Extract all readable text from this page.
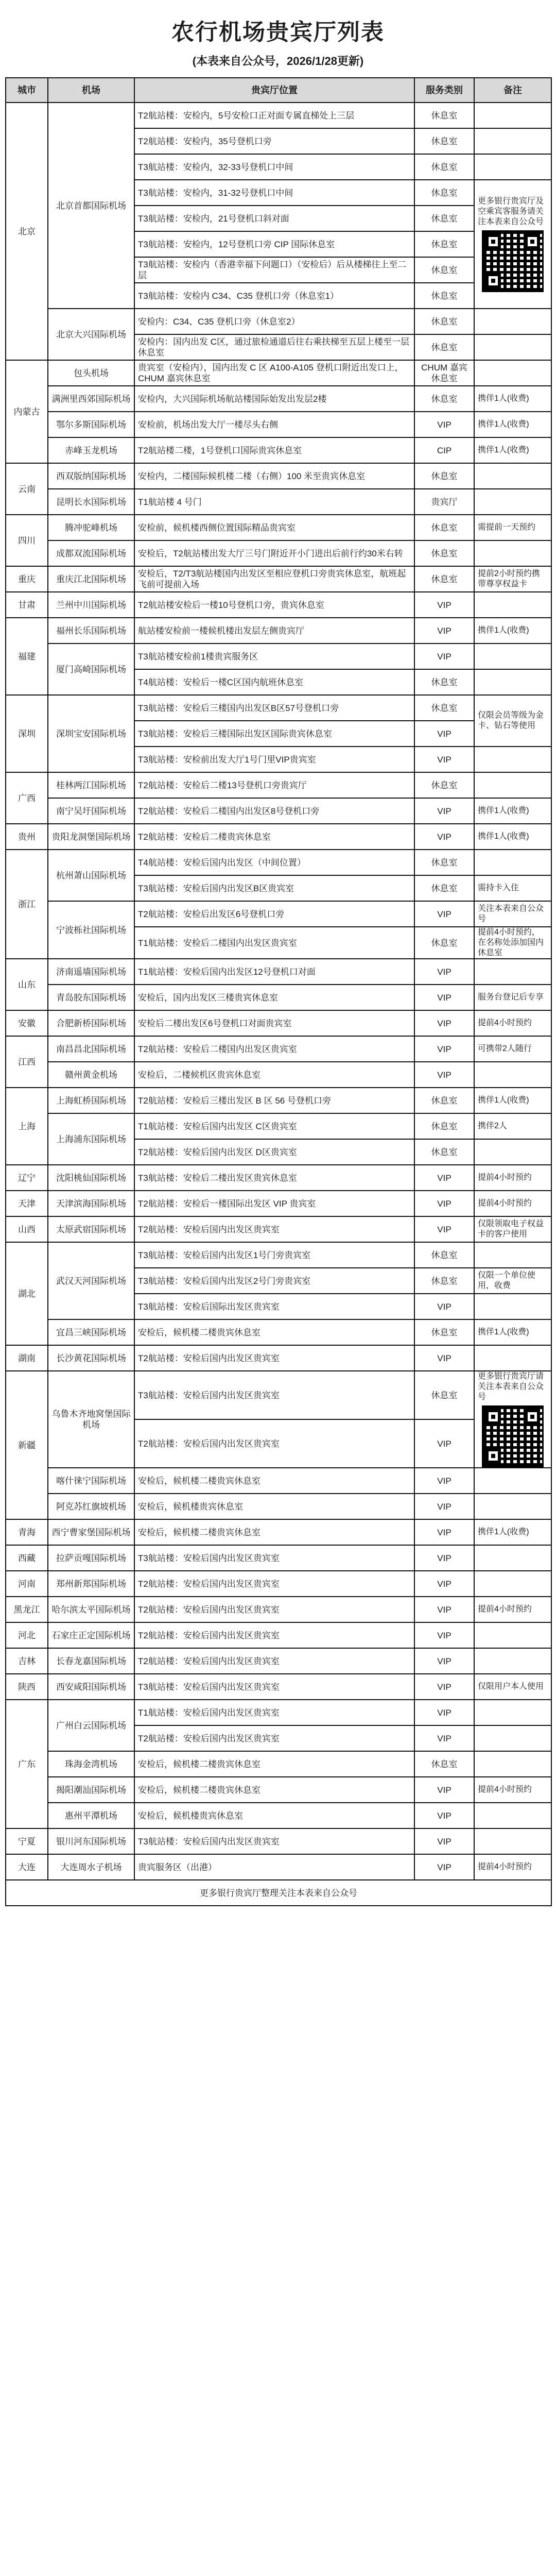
农行机场贵宾厅列表
(本表来自公众号，2026/1/28更新)
城市	机场	贵宾厅位置	服务类别	备注	
北京	北京首都国际机场	T2航站楼：安检内，5号安检口正对面专属直梯处上三层	休息室		
		T2航站楼：安检内，35号登机口旁	休息室		
		T3航站楼：安检内，32-33号登机口中间	休息室		
		T3航站楼：安检内，31-32号登机口中间	休息室	更多银行贵宾厅及空乘宾客服务请关注本表来自公众号	

		T3航站楼：安检内，21号登机口斜对面	休息室		
		T3航站楼：安检内，12号登机口旁 CIP 国际休息室	休息室		
		T3航站楼：安检内（香港幸福下问题口）（安检后）后从楼梯往上至二层	休息室		
		T3航站楼：安检内 C34、C35 登机口旁（休息室1）	休息室		
	北京大兴国际机场	安检内：C34、C35 登机口旁（休息室2）	休息室		
		安检内：国内出发 C区，通过旅检通道后往右乘扶梯至五层上楼至一层休息室	休息室		
内蒙古	包头机场	贵宾室（安检内），国内出发 C 区 A100-A105 登机口附近出发口上，CHUM 嘉宾休息室	CHUM 嘉宾休息室		
	满洲里西郊国际机场	安检内，大兴国际机场航站楼国际始发出发层2楼	休息室	携伴1人(收费)	
	鄂尔多斯国际机场	安检前，机场出发大厅一楼尽头右侧	VIP	携伴1人(收费)	
	赤峰玉龙机场	T2航站楼二楼，1号登机口国际贵宾休息室	CIP	携伴1人(收费)	
云南	西双版纳国际机场	安检内，二楼国际候机楼二楼（右侧）100 米至贵宾休息室	休息室		
	昆明长水国际机场	T1航站楼 4 号门	贵宾厅		
四川	腾冲驼峰机场	安检前，候机楼西侧位置国际精品贵宾室	休息室	需提前一天预约	
	成都双流国际机场	安检后，T2航站楼出发大厅三号门附近开小门进出后前行约30米右转	休息室		
重庆	重庆江北国际机场	安检后，T2/T3航站楼国内出发区至相应登机口旁贵宾休息室，航班起飞前可提前入场	休息室	提前2小时预约携带尊享权益卡	
甘肃	兰州中川国际机场	T2航站楼安检后一楼10号登机口旁，贵宾休息室	VIP		
福建	福州长乐国际机场	航站楼安检前一楼候机楼出发层左侧贵宾厅	VIP	携伴1人(收费)	
	厦门高崎国际机场	T3航站楼安检前1楼贵宾服务区	VIP		
		T4航站楼：安检后一楼C区国内航班休息室	休息室		
深圳	深圳宝安国际机场	T3航站楼：安检后三楼国内出发区B区57号登机口旁	休息室	仅限会员等级为金卡、钻石等使用	
		T3航站楼：安检后三楼国际出发区国际贵宾休息室	VIP		
		T3航站楼：安检前出发大厅1号门里VIP贵宾室	VIP		
广西	桂林两江国际机场	T2航站楼：安检后二楼13号登机口旁贵宾厅	休息室		
	南宁吴圩国际机场	T2航站楼：安检后二楼国内出发区8号登机口旁	VIP	携伴1人(收费)	
贵州	贵阳龙洞堡国际机场	T2航站楼：安检后二楼贵宾休息室	VIP	携伴1人(收费)	
浙江	杭州萧山国际机场	T4航站楼：安检后国内出发区（中间位置）	休息室		
		T3航站楼：安检后国内出发区B区贵宾室	休息室	需持卡入住	
	宁波栎社国际机场	T2航站楼：安检后出发区6号登机口旁	VIP	关注本表来自公众号	
		T1航站楼：安检后二楼国内出发区贵宾室	休息室	提前4小时预约，在名称处添加国内休息室	
山东	济南遥墙国际机场	T1航站楼：安检后国内出发区12号登机口对面	VIP		
	青岛胶东国际机场	安检后，国内出发区三楼贵宾休息室	VIP	服务台登记后专享	
安徽	合肥新桥国际机场	安检后二楼出发区6号登机口对面贵宾室	VIP	提前4小时预约	
江西	南昌昌北国际机场	T2航站楼：安检后二楼国内出发区贵宾室	VIP	可携带2人随行	
	赣州黄金机场	安检后，二楼候机区贵宾休息室	VIP		
上海	上海虹桥国际机场	T2航站楼：安检后三楼出发区 B 区 56 号登机口旁	休息室	携伴1人(收费)	
	上海浦东国际机场	T1航站楼：安检后国内出发区 C区贵宾室	休息室	携伴2人	
		T2航站楼：安检后国内出发区 D区贵宾室	休息室		
辽宁	沈阳桃仙国际机场	T3航站楼：安检后二楼出发区贵宾休息室	VIP	提前4小时预约	
天津	天津滨海国际机场	T2航站楼：安检后一楼国际出发区 VIP 贵宾室	VIP	提前4小时预约	
山西	太原武宿国际机场	T2航站楼：安检后国内出发区贵宾室	VIP	仅限领取电子权益卡的客户使用	
湖北	武汉天河国际机场	T3航站楼：安检后国内出发区1号门旁贵宾室	休息室		
		T3航站楼：安检后国内出发区2号门旁贵宾室	休息室	仅限一个单位使用，收费	
		T3航站楼：安检后国际出发区贵宾室	VIP		
	宜昌三峡国际机场	安检后，候机楼二楼贵宾休息室	休息室	携伴1人(收费)	
湖南	长沙黄花国际机场	T2航站楼：安检后国内出发区贵宾室	VIP		
新疆	乌鲁木齐地窝堡国际机场	T3航站楼：安检后国内出发区贵宾室	休息室	更多银行贵宾厅请关注本表来自公众号	

		T2航站楼：安检后国内出发区贵宾室	VIP		
	喀什徕宁国际机场	安检后，候机楼二楼贵宾休息室	VIP		
	阿克苏红旗坡机场	安检后，候机楼贵宾休息室	VIP		
青海	西宁曹家堡国际机场	安检后，候机楼二楼贵宾休息室	VIP	携伴1人(收费)	
西藏	拉萨贡嘎国际机场	T3航站楼：安检后国内出发区贵宾室	VIP		
河南	郑州新郑国际机场	T2航站楼：安检后国内出发区贵宾室	VIP		
黑龙江	哈尔滨太平国际机场	T2航站楼：安检后国内出发区贵宾室	VIP	提前4小时预约	
河北	石家庄正定国际机场	T2航站楼：安检后国内出发区贵宾室	VIP		
吉林	长春龙嘉国际机场	T2航站楼：安检后国内出发区贵宾室	VIP		
陕西	西安咸阳国际机场	T3航站楼：安检后国内出发区贵宾室	VIP	仅限用户本人使用	
广东	广州白云国际机场	T1航站楼：安检后国内出发区贵宾室	VIP		
		T2航站楼：安检后国内出发区贵宾室	VIP		
	珠海金湾机场	安检后，候机楼二楼贵宾休息室	休息室		
	揭阳潮汕国际机场	安检后，候机楼二楼贵宾休息室	VIP	提前4小时预约	
	惠州平潭机场	安检后，候机楼贵宾休息室	VIP		
宁夏	银川河东国际机场	T3航站楼：安检后国内出发区贵宾室	VIP		
大连	大连周水子机场	贵宾服务区（出港）	VIP	提前4小时预约	
更多银行贵宾厅整理关注本表来自公众号					
